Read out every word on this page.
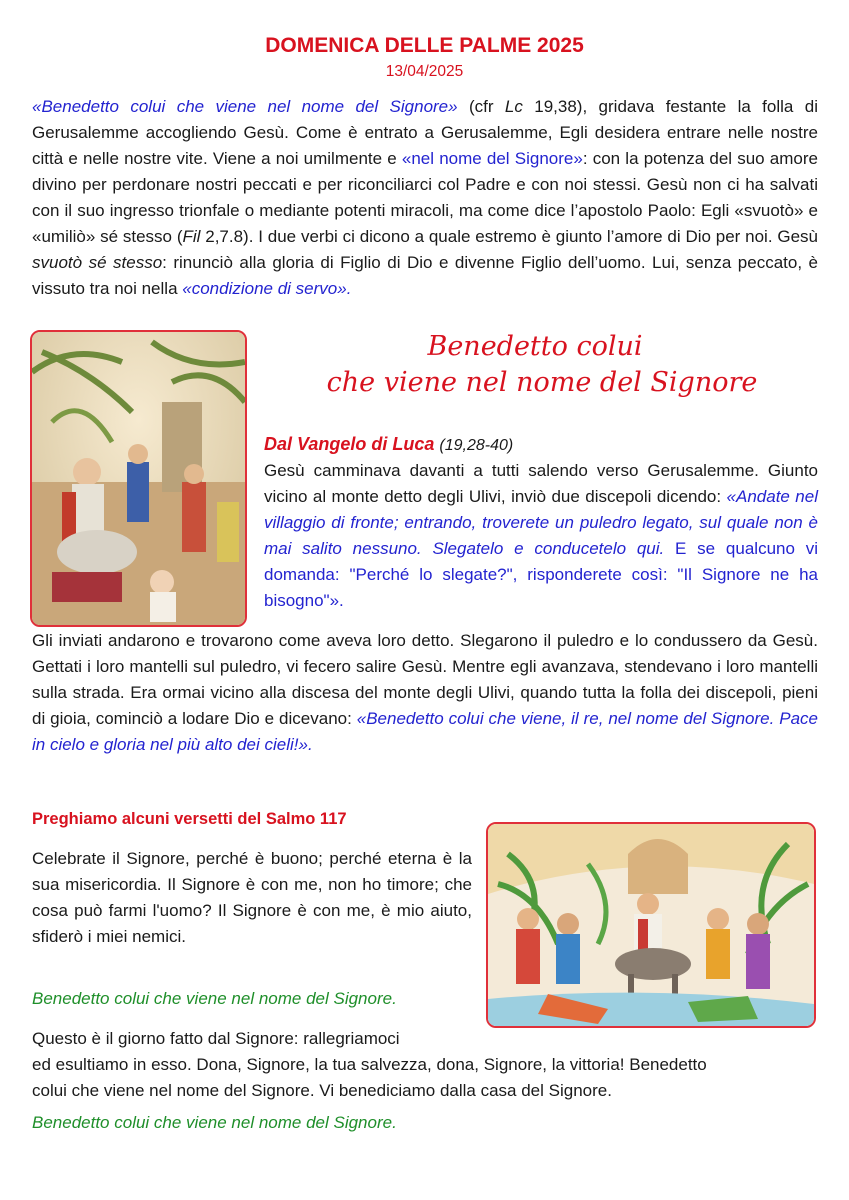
DOMENICA DELLE PALME 2025
13/04/2025
«Benedetto colui che viene nel nome del Signore» (cfr Lc 19,38), gridava festante la folla di Gerusalemme accogliendo Gesù. Come è entrato a Gerusalemme, Egli desidera entrare nelle nostre città e nelle nostre vite. Viene a noi umilmente e «nel nome del Signore»: con la potenza del suo amore divino per perdonare nostri peccati e per riconciliarci col Padre e con noi stessi. Gesù non ci ha salvati con il suo ingresso trionfale o mediante potenti miracoli, ma come dice l’apostolo Paolo: Egli «svuotò» e «umiliò» sé stesso (Fil 2,7.8). I due verbi ci dicono a quale estremo è giunto l’amore di Dio per noi. Gesù svuotò sé stesso: rinunciò alla gloria di Figlio di Dio e divenne Figlio dell’uomo. Lui, senza peccato, è vissuto tra noi nella «condizione di servo».
Benedetto colui
che viene nel nome del Signore
Dal Vangelo di Luca (19,28-40)
Gesù camminava davanti a tutti salendo verso Gerusalemme. Giunto vicino al monte detto degli Ulivi, inviò due discepoli dicendo: «Andate nel villaggio di fronte; entrando, troverete un puledro legato, sul quale non è mai salito nessuno. Slegatelo e conducetelo qui. E se qualcuno vi domanda: "Perché lo slegate?", risponderete così: "Il Signore ne ha bisogno"».
Gli inviati andarono e trovarono come aveva loro detto. Slegarono il puledro e lo condussero da Gesù. Gettati i loro mantelli sul puledro, vi fecero salire Gesù. Mentre egli avanzava, stendevano i loro mantelli sulla strada. Era ormai vicino alla discesa del monte degli Ulivi, quando tutta la folla dei discepoli, pieni di gioia, cominciò a lodare Dio e dicevano: «Benedetto colui che viene, il re, nel nome del Signore. Pace in cielo e gloria nel più alto dei cieli!».
Preghiamo alcuni versetti del Salmo 117
Celebrate il Signore, perché è buono; perché eterna è la sua misericordia. Il Signore è con me, non ho timore; che cosa può farmi l'uomo? Il Signore è con me, è mio aiuto, sfiderò i miei nemici.
Benedetto colui che viene nel nome del Signore.
Questo è il giorno fatto dal Signore: rallegriamoci
ed esultiamo in esso. Dona, Signore, la tua salvezza, dona, Signore, la vittoria! Benedetto
colui che viene nel nome del Signore. Vi benediciamo dalla casa del Signore.
Benedetto colui che viene nel nome del Signore.
